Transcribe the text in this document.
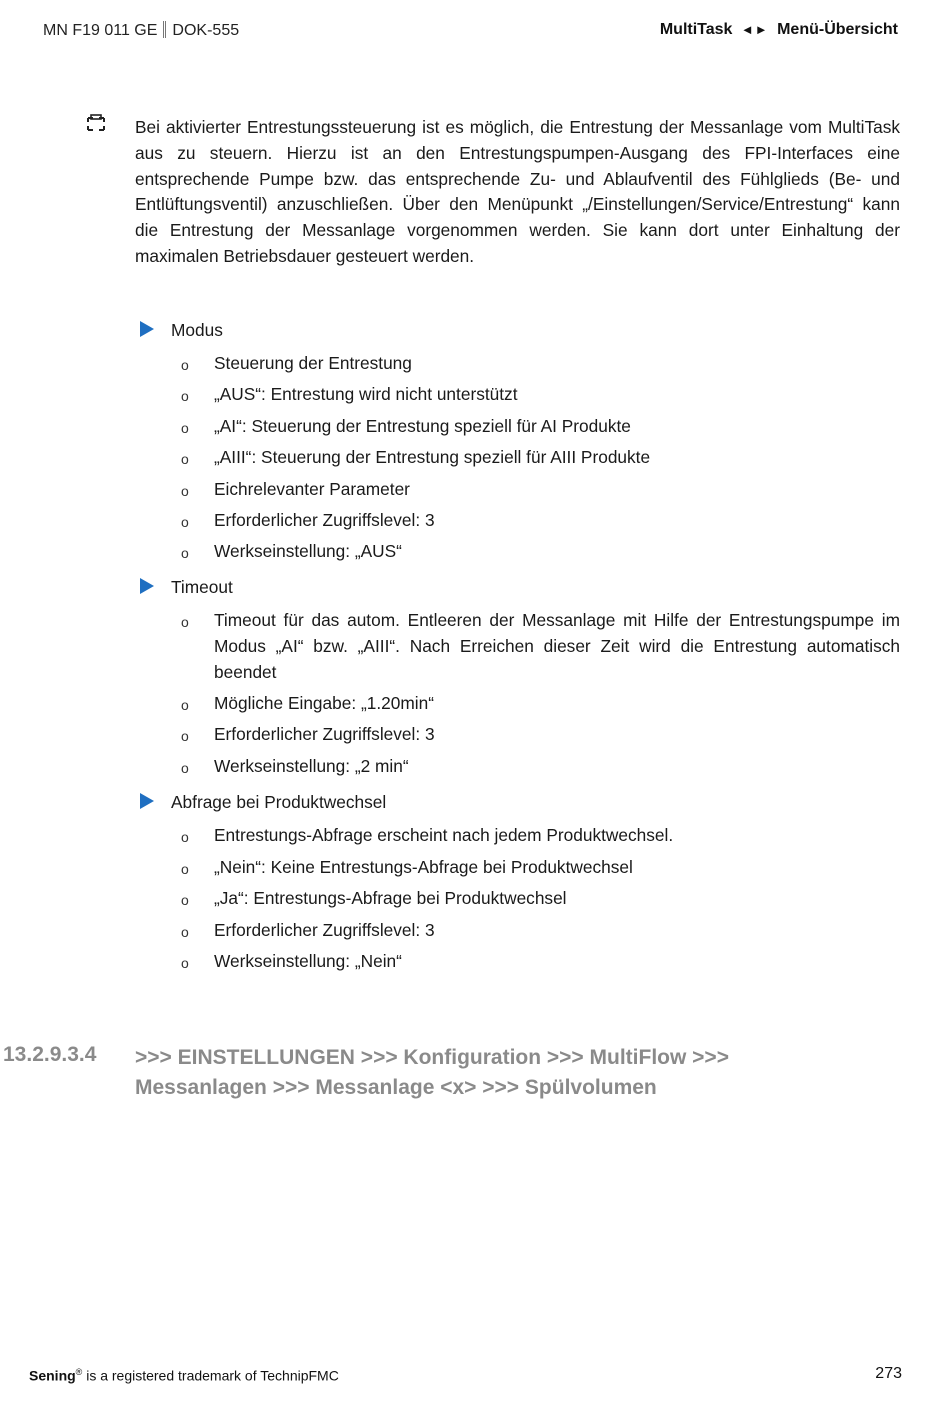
MN F19 011 GE DOK-555	MultiTask ◄► Menü-Übersicht
Bei aktivierter Entrestungssteuerung ist es möglich, die Entrestung der Messanlage vom MultiTask aus zu steuern. Hierzu ist an den Entrestungspumpen-Ausgang des FPI-Interfaces eine entsprechende Pumpe bzw. das entsprechende Zu- und Ablaufventil des Fühlglieds (Be- und Entlüftungsventil) anzuschließen. Über den Menüpunkt „/Einstellungen/Service/Entrestung“ kann die Entrestung der Messanlage vorgenommen werden. Sie kann dort unter Einhaltung der maximalen Betriebsdauer gesteuert werden.
Modus
o Steuerung der Entrestung
o „AUS“: Entrestung wird nicht unterstützt
o „AI“: Steuerung der Entrestung speziell für AI Produkte
o „AIII“: Steuerung der Entrestung speziell für AIII Produkte
o Eichrelevanter Parameter
o Erforderlicher Zugriffslevel: 3
o Werkseinstellung: „AUS“
Timeout
o Timeout für das autom. Entleeren der Messanlage mit Hilfe der Entrestungspumpe im Modus „AI“ bzw. „AIII“. Nach Erreichen dieser Zeit wird die Entrestung automatisch beendet
o Mögliche Eingabe: „1.20min“
o Erforderlicher Zugriffslevel: 3
o Werkseinstellung: „2 min“
Abfrage bei Produktwechsel
o Entrestungs-Abfrage erscheint nach jedem Produktwechsel.
o „Nein“: Keine Entrestungs-Abfrage bei Produktwechsel
o „Ja“: Entrestungs-Abfrage bei Produktwechsel
o Erforderlicher Zugriffslevel: 3
o Werkseinstellung: „Nein“
13.2.9.3.4 >>> EINSTELLUNGEN >>> Konfiguration >>> MultiFlow >>> Messanlagen >>> Messanlage <x> >>> Spülvolumen
Sening® is a registered trademark of TechnipFMC	273
